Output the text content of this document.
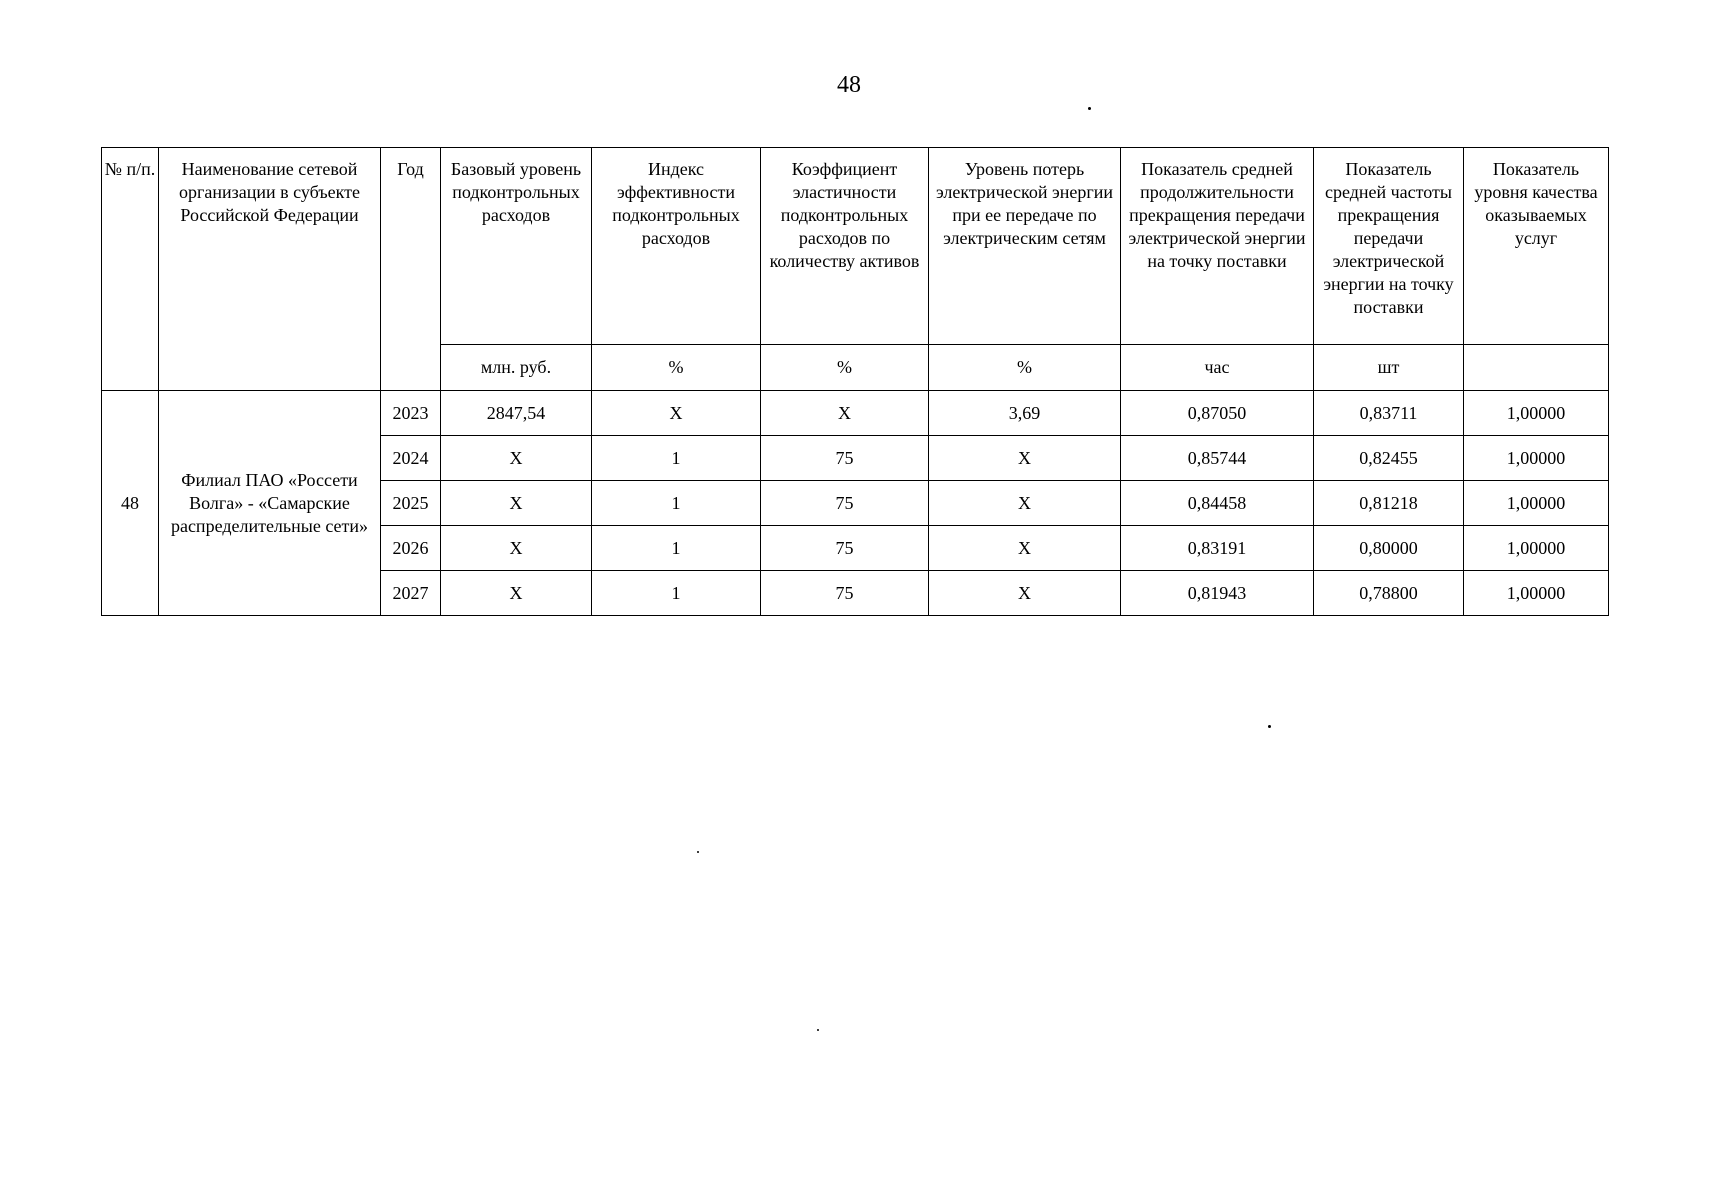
48
№ п/п.	Наименование сетевой организации в субъекте Российской Федерации	Год	Базовый уровень подконтрольных расходов	Индекс эффективности подконтрольных расходов	Коэффициент эластичности подконтрольных расходов по количеству активов	Уровень потерь электрической энергии при ее передаче по электрическим сетям	Показатель средней продолжительности прекращения передачи электрической энергии на точку поставки	Показатель средней частоты прекращения передачи электрической энергии на точку поставки	Показатель уровня качества оказываемых услуг
			млн. руб.	%	%	%	час	шт	
48	Филиал ПАО «Россети Волга» - «Самарские распределительные сети»	2023	2847,54	X	X	3,69	0,87050	0,83711	1,00000
		2024	X	1	75	X	0,85744	0,82455	1,00000
		2025	X	1	75	X	0,84458	0,81218	1,00000
		2026	X	1	75	X	0,83191	0,80000	1,00000
		2027	X	1	75	X	0,81943	0,78800	1,00000
